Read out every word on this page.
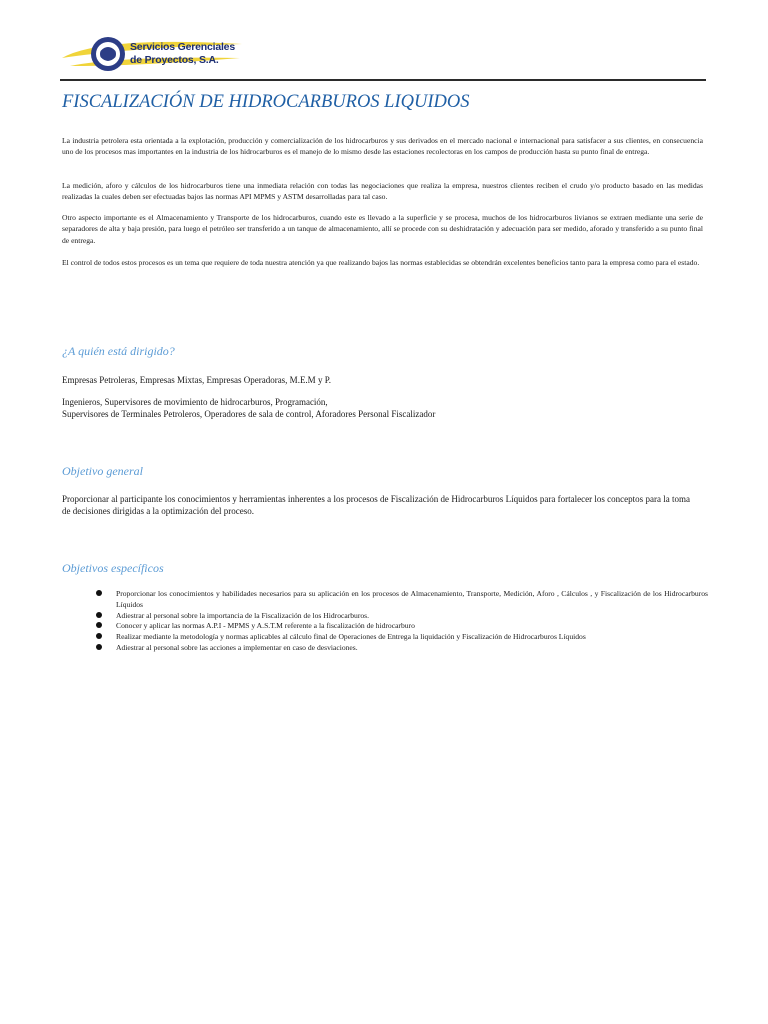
Servicios Gerenciales
de Proyectos, S.A.
FISCALIZACIÓN DE HIDROCARBUROS LIQUIDOS

La industria petrolera esta orientada a la explotación, producción y comercialización de los hidrocarburos y sus derivados en el mercado nacional e internacional para satisfacer a sus clientes, en consecuencia uno de los procesos mas importantes en la industria de los hidrocarburos es el manejo de lo mismo desde las estaciones recolectoras en los campos de producción hasta su punto final de entrega.

La medición, aforo y cálculos de los hidrocarburos tiene una inmediata relación con todas las negociaciones que realiza la empresa, nuestros clientes reciben el crudo y/o producto basado en las medidas realizadas la cuales deben ser efectuadas bajos las normas API MPMS y ASTM desarrolladas para tal caso.

Otro aspecto importante es el Almacenamiento y Transporte de los hidrocarburos, cuando este es llevado a la superficie y se procesa, muchos de los hidrocarburos livianos se extraen mediante una serie de separadores de alta y baja presión, para luego el petróleo ser transferido a un tanque de almacenamiento, allí se procede con su deshidratación y adecuación para ser medido, aforado y transferido a su punto final de entrega.

El control de todos estos procesos es un tema que requiere de toda nuestra atención ya que realizando bajos las normas establecidas se obtendrán excelentes beneficios tanto para la empresa como para el estado.

¿A quién está dirigido?

Empresas Petroleras, Empresas Mixtas, Empresas Operadoras, M.E.M y P.

Ingenieros, Supervisores de movimiento de hidrocarburos, Programación,

Supervisores de Terminales Petroleros, Operadores de sala de control, Aforadores Personal Fiscalizador

Objetivo general

Proporcionar al participante los conocimientos y herramientas inherentes a los procesos de Fiscalización de Hidrocarburos Líquidos para fortalecer los conceptos para la toma de decisiones dirigidas a la optimización del proceso.

Objetivos específicos
Proporcionar los conocimientos y habilidades necesarios para su aplicación en los procesos de Almacenamiento, Transporte, Medición, Aforo , Cálculos , y Fiscalización de los Hidrocarburos Líquidos
Adiestrar al personal sobre la importancia de la Fiscalización de los Hidrocarburos.
Conocer y aplicar las normas A.P.I - MPMS y A.S.T.M referente a la fiscalización de hidrocarburo
Realizar mediante la metodología y normas aplicables al cálculo final de Operaciones de Entrega la liquidación y Fiscalización de Hidrocarburos Líquidos
Adiestrar al personal sobre las acciones a implementar en caso de desviaciones.
